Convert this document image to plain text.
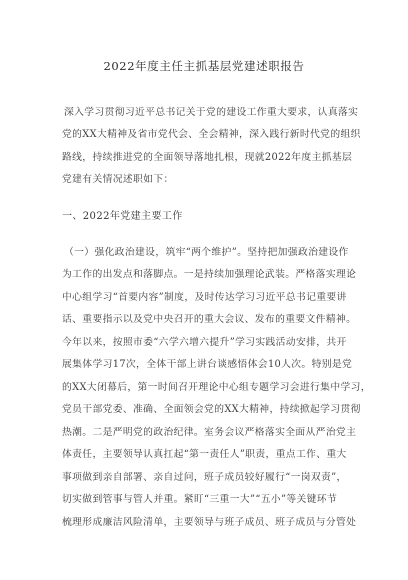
2022年度主任主抓基层党建述职报告
深入学习贯彻习近平总书记关于党的建设工作重大要求，认真落实
党的XX大精神及省市党代会、全会精神，深入践行新时代党的组织
路线，持续推进党的全面领导落地扎根，现就2022年度主抓基层
党建有关情况述职如下：
一、2022年党建主要工作
（一）强化政治建设，筑牢“两个维护”。坚持把加强政治建设作
为工作的出发点和落脚点。一是持续加强理论武装。严格落实理论
中心组学习“首要内容”制度，及时传达学习习近平总书记重要讲
话、重要指示以及党中央召开的重大会议、发布的重要文件精神。
今年以来，按照市委“六学六增六提升”学习实践活动安排，共开
展集体学习17次，全体干部上讲台谈感悟体会10人次。特别是党
的XX大闭幕后，第一时间召开理论中心组专题学习会进行集中学习，
党员干部党委、准确、全面领会党的XX大精神，持续掀起学习贯彻
热潮。二是严明党的政治纪律。室务会议严格落实全面从严治党主
体责任，主要领导认真扛起“第一责任人”职责，重点工作、重大
事项做到亲自部署、亲自过问，班子成员较好履行“一岗双责”，
切实做到管事与管人并重。紧盯“三重一大”“五小”等关键环节
梳理形成廉洁风险清单，主要领导与班子成员、班子成员与分管处
